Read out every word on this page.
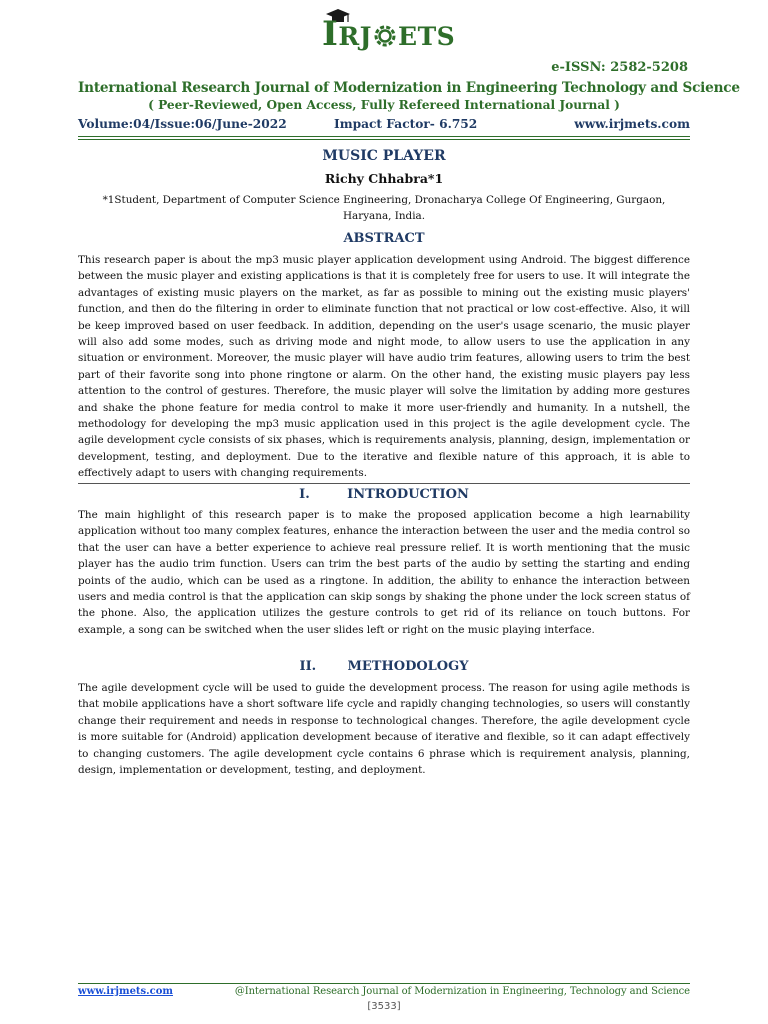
IRJ ETS
e-ISSN: 2582-5208
International Research Journal of Modernization in Engineering Technology and Science
( Peer-Reviewed, Open Access, Fully Refereed International Journal )
Volume:04/Issue:06/June-2022	Impact Factor- 6.752	www.irjmets.com
MUSIC PLAYER
Richy Chhabra*1
*1Student, Department of Computer Science Engineering, Dronacharya College Of Engineering, Gurgaon, Haryana, India.
ABSTRACT
This research paper is about the mp3 music player application development using Android. The biggest difference between the music player and existing applications is that it is completely free for users to use. It will integrate the advantages of existing music players on the market, as far as possible to mining out the existing music players' function, and then do the filtering in order to eliminate function that not practical or low cost-effective. Also, it will be keep improved based on user feedback. In addition, depending on the user's usage scenario, the music player will also add some modes, such as driving mode and night mode, to allow users to use the application in any situation or environment. Moreover, the music player will have audio trim features, allowing users to trim the best part of their favorite song into phone ringtone or alarm. On the other hand, the existing music players pay less attention to the control of gestures. Therefore, the music player will solve the limitation by adding more gestures and shake the phone feature for media control to make it more user-friendly and humanity. In a nutshell, the methodology for developing the mp3 music application used in this project is the agile development cycle. The agile development cycle consists of six phases, which is requirements analysis, planning, design, implementation or development, testing, and deployment. Due to the iterative and flexible nature of this approach, it is able to effectively adapt to users with changing requirements.
I.	INTRODUCTION
The main highlight of this research paper is to make the proposed application become a high learnability application without too many complex features, enhance the interaction between the user and the media control so that the user can have a better experience to achieve real pressure relief. It is worth mentioning that the music player has the audio trim function. Users can trim the best parts of the audio by setting the starting and ending points of the audio, which can be used as a ringtone. In addition, the ability to enhance the interaction between users and media control is that the application can skip songs by shaking the phone under the lock screen status of the phone. Also, the application utilizes the gesture controls to get rid of its reliance on touch buttons. For example, a song can be switched when the user slides left or right on the music playing interface.
II. METHODOLOGY
The agile development cycle will be used to guide the development process. The reason for using agile methods is that mobile applications have a short software life cycle and rapidly changing technologies, so users will constantly change their requirement and needs in response to technological changes. Therefore, the agile development cycle is more suitable for (Android) application development because of iterative and flexible, so it can adapt effectively to changing customers. The agile development cycle contains 6 phrase which is requirement analysis, planning, design, implementation or development, testing, and deployment.
www.irjmets.com	@International Research Journal of Modernization in Engineering, Technology and Science
[3533]
